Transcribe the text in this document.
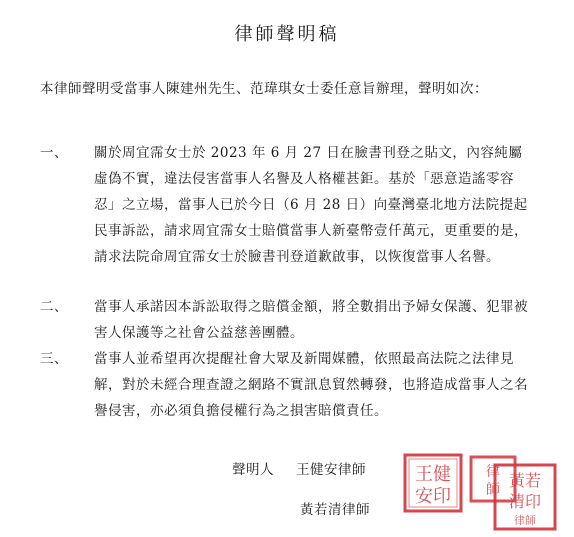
律師聲明稿
本律師聲明受當事人陳建州先生、范瑋琪女士委任意旨辦理，聲明如次：
一、	關於周宜霈女士於 2023 年 6 月 27 日在臉書刊登之貼文，內容純屬虛偽不實，違法侵害當事人名譽及人格權甚鉅。基於「惡意造謠零容忍」之立場，當事人已於今日（6 月 28 日）向臺灣臺北地方法院提起民事訴訟，請求周宜霈女士賠償當事人新臺幣壹仟萬元，更重要的是，請求法院命周宜霈女士於臉書刊登道歉啟事，以恢復當事人名譽。
二、	當事人承諾因本訴訟取得之賠償金額，將全數捐出予婦女保護、犯罪被害人保護等之社會公益慈善團體。
三、	當事人並希望再次提醒社會大眾及新聞媒體，依照最高法院之法律見解，對於未經合理查證之網路不實訊息貿然轉發，也將造成當事人之名譽侵害，亦必須負擔侵權行為之損害賠償責任。
聲明人 王健安律師
黃若清律師
王健
安印
律
師 黃若
清印
律師
